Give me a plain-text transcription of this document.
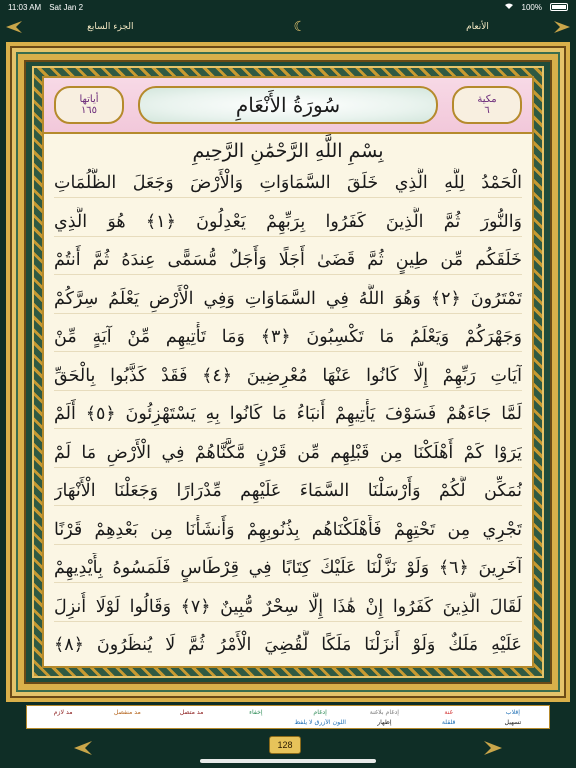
11:03 AM Sat Jan 2	100%
الجزء السابع	☾	الأنعام
أياتها
١٦٥	سُورَةُ الأَنْعَامِ	مكية
٦
بِسْمِ اللَّهِ الرَّحْمَٰنِ الرَّحِيمِ
الْحَمْدُ لِلَّهِ الَّذِي خَلَقَ السَّمَاوَاتِ وَالْأَرْضَ وَجَعَلَ الظُّلُمَاتِ
وَالنُّورَ ثُمَّ الَّذِينَ كَفَرُوا بِرَبِّهِمْ يَعْدِلُونَ ﴿١﴾ هُوَ الَّذِي
خَلَقَكُم مِّن طِينٍ ثُمَّ قَضَىٰ أَجَلًا وَأَجَلٌ مُّسَمًّى عِندَهُ ثُمَّ أَنتُمْ
تَمْتَرُونَ ﴿٢﴾ وَهُوَ اللَّهُ فِي السَّمَاوَاتِ وَفِي الْأَرْضِ يَعْلَمُ سِرَّكُمْ
وَجَهْرَكُمْ وَيَعْلَمُ مَا تَكْسِبُونَ ﴿٣﴾ وَمَا تَأْتِيهِم مِّنْ آيَةٍ مِّنْ
آيَاتِ رَبِّهِمْ إِلَّا كَانُوا عَنْهَا مُعْرِضِينَ ﴿٤﴾ فَقَدْ كَذَّبُوا بِالْحَقِّ
لَمَّا جَاءَهُمْ فَسَوْفَ يَأْتِيهِمْ أَنبَاءُ مَا كَانُوا بِهِ يَسْتَهْزِئُونَ ﴿٥﴾ أَلَمْ
يَرَوْا كَمْ أَهْلَكْنَا مِن قَبْلِهِم مِّن قَرْنٍ مَّكَّنَّاهُمْ فِي الْأَرْضِ مَا لَمْ
نُمَكِّن لَّكُمْ وَأَرْسَلْنَا السَّمَاءَ عَلَيْهِم مِّدْرَارًا وَجَعَلْنَا الْأَنْهَارَ
تَجْرِي مِن تَحْتِهِمْ فَأَهْلَكْنَاهُم بِذُنُوبِهِمْ وَأَنشَأْنَا مِن بَعْدِهِمْ قَرْنًا
آخَرِينَ ﴿٦﴾ وَلَوْ نَزَّلْنَا عَلَيْكَ كِتَابًا فِي قِرْطَاسٍ فَلَمَسُوهُ بِأَيْدِيهِمْ
لَقَالَ الَّذِينَ كَفَرُوا إِنْ هَٰذَا إِلَّا سِحْرٌ مُّبِينٌ ﴿٧﴾ وَقَالُوا لَوْلَا أُنزِلَ
عَلَيْهِ مَلَكٌ وَلَوْ أَنزَلْنَا مَلَكًا لَّقُضِيَ الْأَمْرُ ثُمَّ لَا يُنظَرُونَ ﴿٨﴾
إقلاب
غنة
إدغام بلاغنة
إدغام
إخفاء
مد متصل
مد منفصل
مد لازم
تسهيل
قلقلة
إظهار
اللون الأزرق لا يلفظ
128
